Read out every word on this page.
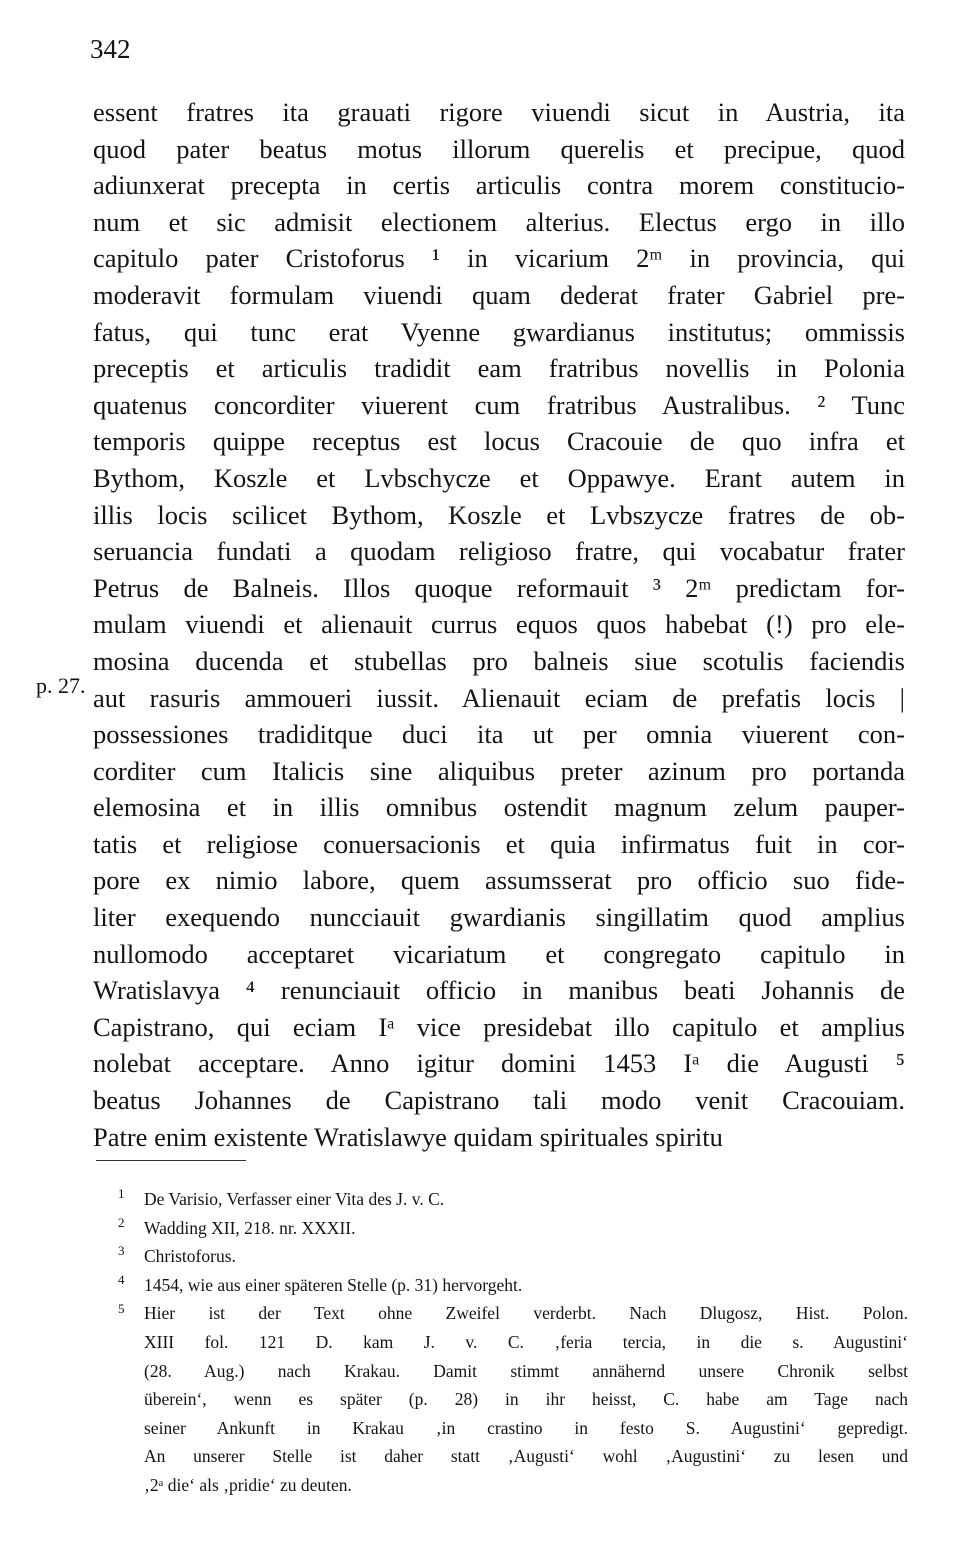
342
p. 27.
essent fratres ita grauati rigore viuendi sicut in Austria, ita
quod pater beatus motus illorum querelis et precipue, quod
adiunxerat precepta in certis articulis contra morem constitucio-
num et sic admisit electionem alterius. Electus ergo in illo
capitulo pater Cristoforus ¹ in vicarium 2ᵐ in provincia, qui
moderavit formulam viuendi quam dederat frater Gabriel pre-
fatus, qui tunc erat Vyenne gwardianus institutus; ommissis
preceptis et articulis tradidit eam fratribus novellis in Polonia
quatenus concorditer viuerent cum fratribus Australibus. ² Tunc
temporis quippe receptus est locus Cracouie de quo infra et
Bythom, Koszle et Lvbschycze et Oppawye. Erant autem in
illis locis scilicet Bythom, Koszle et Lvbszycze fratres de ob-
seruancia fundati a quodam religioso fratre, qui vocabatur frater
Petrus de Balneis. Illos quoque reformauit ³ 2ᵐ predictam for-
mulam viuendi et alienauit currus equos quos habebat (!) pro ele-
mosina ducenda et stubellas pro balneis siue scotulis faciendis
aut rasuris ammoueri iussit. Alienauit eciam de prefatis locis |
possessiones tradiditque duci ita ut per omnia viuerent con-
corditer cum Italicis sine aliquibus preter azinum pro portanda
elemosina et in illis omnibus ostendit magnum zelum pauper-
tatis et religiose conuersacionis et quia infirmatus fuit in cor-
pore ex nimio labore, quem assumsserat pro officio suo fide-
liter exequendo nuncciauit gwardianis singillatim quod amplius
nullomodo acceptaret vicariatum et congregato capitulo in
Wratislavya ⁴ renunciauit officio in manibus beati Johannis de
Capistrano, qui eciam Iᵃ vice presidebat illo capitulo et amplius
nolebat acceptare. Anno igitur domini 1453 Iᵃ die Augusti ⁵
beatus Johannes de Capistrano tali modo venit Cracouiam.
Patre enim existente Wratislawye quidam spirituales spiritu
1 De Varisio, Verfasser einer Vita des J. v. C.
2 Wadding XII, 218. nr. XXXII.
3 Christoforus.
4 1454, wie aus einer späteren Stelle (p. 31) hervorgeht.
5 Hier ist der Text ohne Zweifel verderbt. Nach Dlugosz, Hist. Polon.
XIII fol. 121 D. kam J. v. C. ‚feria tercia, in die s. Augustini‘
(28. Aug.) nach Krakau. Damit stimmt annähernd unsere Chronik selbst
überein‘, wenn es später (p. 28) in ihr heisst, C. habe am Tage nach
seiner Ankunft in Krakau ‚in crastino in festo S. Augustini‘ gepredigt.
An unserer Stelle ist daher statt ‚Augusti‘ wohl ‚Augustini‘ zu lesen und
‚2ᵃ die‘ als ‚pridie‘ zu deuten.
